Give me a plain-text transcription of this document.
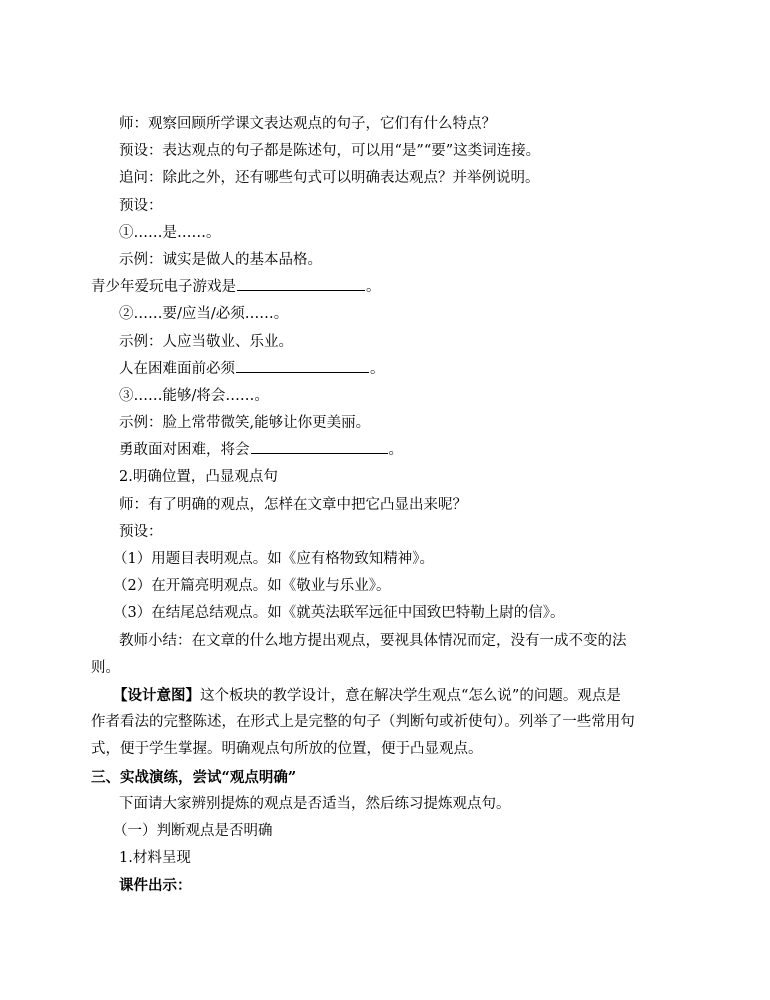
师：观察回顾所学课文表达观点的句子，它们有什么特点？
预设：表达观点的句子都是陈述句，可以用“是”“要”这类词连接。
追问：除此之外，还有哪些句式可以明确表达观点？并举例说明。
预设：
①……是……。
示例：诚实是做人的基本品格。
青少年爱玩电子游戏是	。
②……要/应当/必须……。
示例：人应当敬业、乐业。
人在困难面前必须	。
③……能够/将会……。
示例：脸上常带微笑,能够让你更美丽。
勇敢面对困难，将会	。
2.明确位置，凸显观点句
师：有了明确的观点，怎样在文章中把它凸显出来呢？
预设：
（1）用题目表明观点。如《应有格物致知精神》。
（2）在开篇亮明观点。如《敬业与乐业》。
（3）在结尾总结观点。如《就英法联军远征中国致巴特勒上尉的信》。
教师小结：在文章的什么地方提出观点，要视具体情况而定，没有一成不变的法
则。
【设计意图】这个板块的教学设计，意在解决学生观点“怎么说”的问题。观点是
作者看法的完整陈述，在形式上是完整的句子（判断句或祈使句）。列举了一些常用句
式，便于学生掌握。明确观点句所放的位置，便于凸显观点。
三、实战演练，尝试“观点明确”
下面请大家辨别提炼的观点是否适当，然后练习提炼观点句。
（一）判断观点是否明确
1.材料呈现
课件出示：
